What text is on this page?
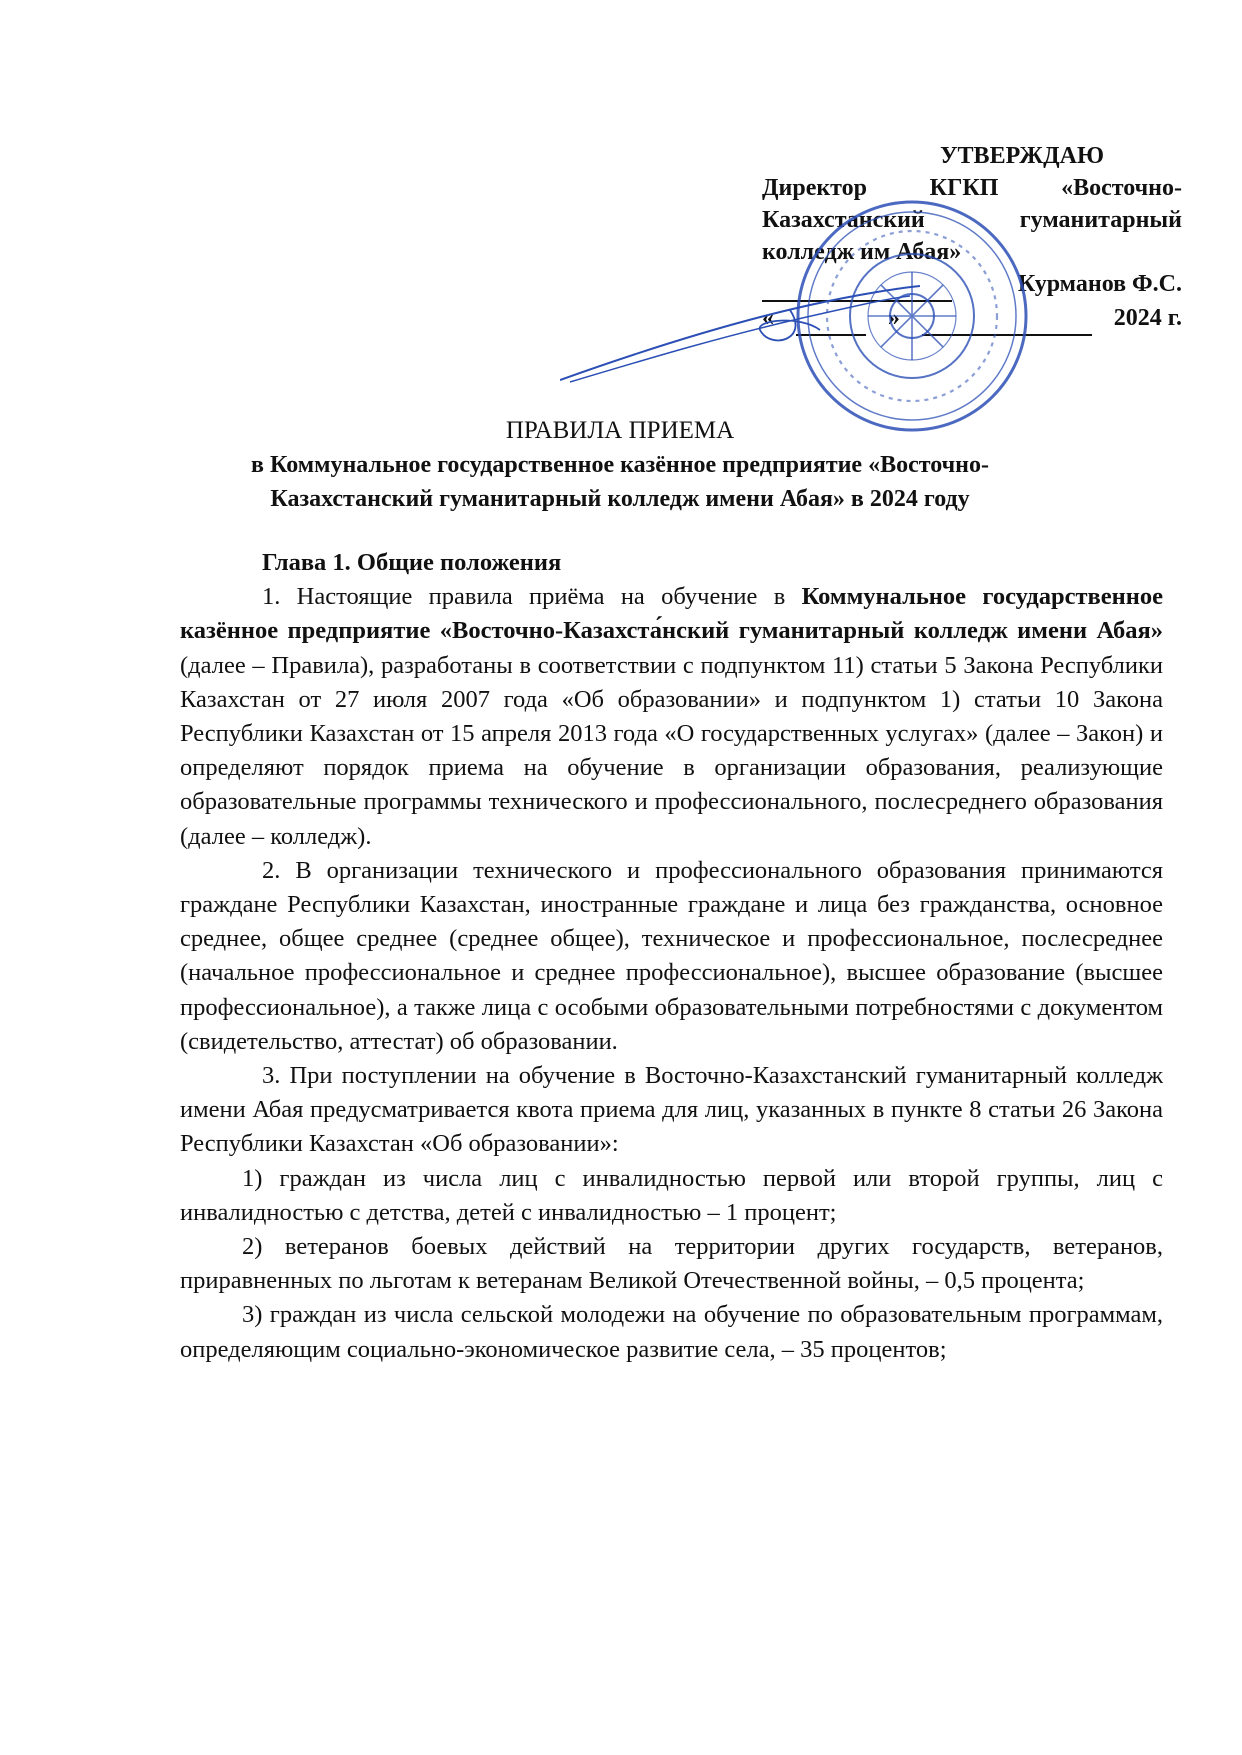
УТВЕРЖДАЮ
Директор КГКП «Восточно-
Казахстанский гуманитарный
колледж им Абая»

Курманов Ф.С.
«
	»
	2024 г.
ПРАВИЛА ПРИЕМА
в Коммунальное государственное казённое предприятие «Восточно-
Казахстанский гуманитарный колледж имени Абая» в 2024 году
Глава 1. Общие положения

1. Настоящие правила приёма на обучение в Коммунальное государственное казённое предприятие «Восточно-Казахста́нский гуманитарный колледж имени Абая» (далее – Правила), разработаны в соответствии с подпунктом 11) статьи 5 Закона Республики Казахстан от 27 июля 2007 года «Об образовании» и подпунктом 1) статьи 10 Закона Республики Казахстан от 15 апреля 2013 года «О государственных услугах» (далее – Закон) и определяют порядок приема на обучение в организации образования, реализующие образовательные программы технического и профессионального, послесреднего образования (далее – колледж).

2. В организации технического и профессионального образования принимаются граждане Республики Казахстан, иностранные граждане и лица без гражданства, основное среднее, общее среднее (среднее общее), техническое и профессиональное, послесреднее (начальное профессиональное и среднее профессиональное), высшее образование (высшее профессиональное), а также лица с особыми образовательными потребностями с документом (свидетельство, аттестат) об образовании.

3. При поступлении на обучение в Восточно-Казахстанский гуманитарный колледж имени Абая предусматривается квота приема для лиц, указанных в пункте 8 статьи 26 Закона Республики Казахстан «Об образовании»:

1) граждан из числа лиц с инвалидностью первой или второй группы, лиц с инвалидностью с детства, детей с инвалидностью – 1 процент;

2) ветеранов боевых действий на территории других государств, ветеранов, приравненных по льготам к ветеранам Великой Отечественной войны, – 0,5 процента;

3) граждан из числа сельской молодежи на обучение по образовательным программам, определяющим социально-экономическое развитие села, – 35 процентов;
